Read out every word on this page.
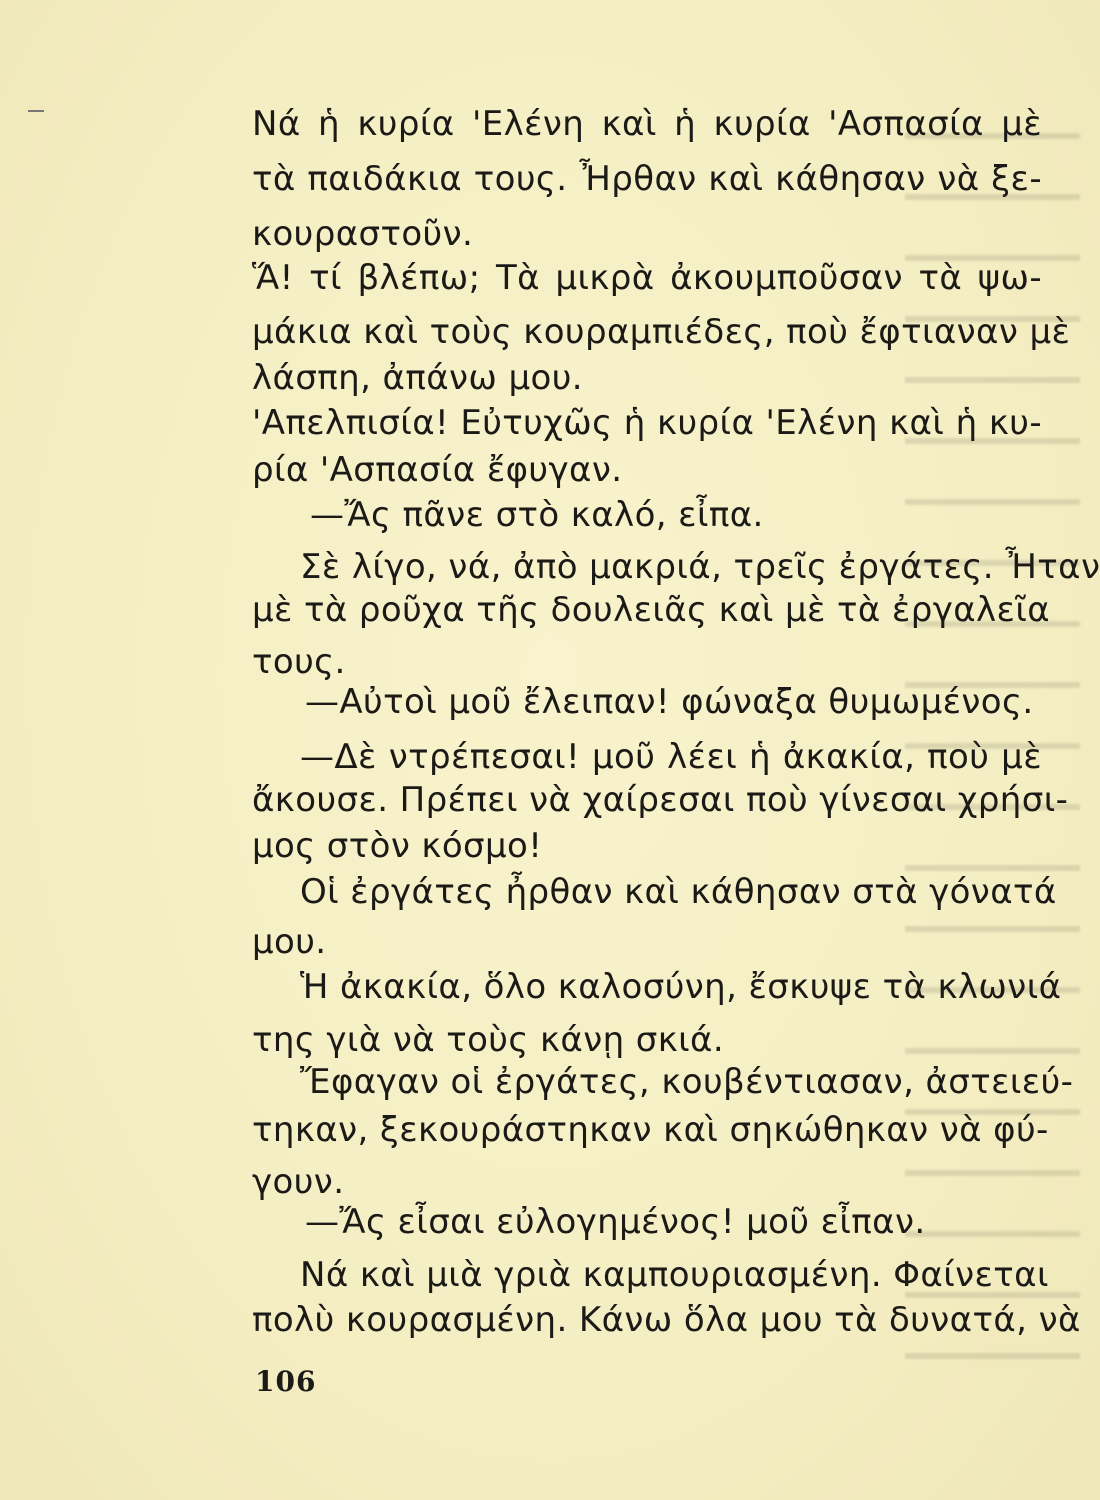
Νά ἡ κυρία 'Ελένη καὶ ἡ κυρία 'Ασπασία μὲ

τὰ παιδάκια τους. Ἦρθαν καὶ κάθησαν νὰ ξε-

κουραστοῦν.

Ἅ! τί βλέπω; Τὰ μικρὰ ἀκουμποῦσαν τὰ ψω-

μάκια καὶ τοὺς κουραμπιέδες, ποὺ ἔφτιαναν μὲ

λάσπη, ἀπάνω μου.

'Απελπισία! Εὐτυχῶς ἡ κυρία 'Ελένη καὶ ἡ κυ-

ρία 'Ασπασία ἔφυγαν.

—Ἄς πᾶνε στὸ καλό, εἶπα.

Σὲ λίγο, νά, ἀπὸ μακριά, τρεῖς ἐργάτες. Ἦταν

μὲ τὰ ροῦχα τῆς δουλειᾶς καὶ μὲ τὰ ἐργαλεῖα

τους.

—Αὐτοὶ μοῦ ἔλειπαν! φώναξα θυμωμένος.

—Δὲ ντρέπεσαι! μοῦ λέει ἡ ἀκακία, ποὺ μὲ

ἄκουσε. Πρέπει νὰ χαίρεσαι ποὺ γίνεσαι χρήσι-

μος στὸν κόσμο!

Οἱ ἐργάτες ἦρθαν καὶ κάθησαν στὰ γόνατά

μου.

Ἡ ἀκακία, ὅλο καλοσύνη, ἔσκυψε τὰ κλωνιά

της γιὰ νὰ τοὺς κάνῃ σκιά.

Ἔφαγαν οἱ ἐργάτες, κουβέντιασαν, ἀστειεύ-

τηκαν, ξεκουράστηκαν καὶ σηκώθηκαν νὰ φύ-

γουν.

—Ἄς εἶσαι εὐλογημένος! μοῦ εἶπαν.

Νά καὶ μιὰ γριὰ καμπουριασμένη. Φαίνεται

πολὺ κουρασμένη. Κάνω ὅλα μου τὰ δυνατά, νὰ

106
